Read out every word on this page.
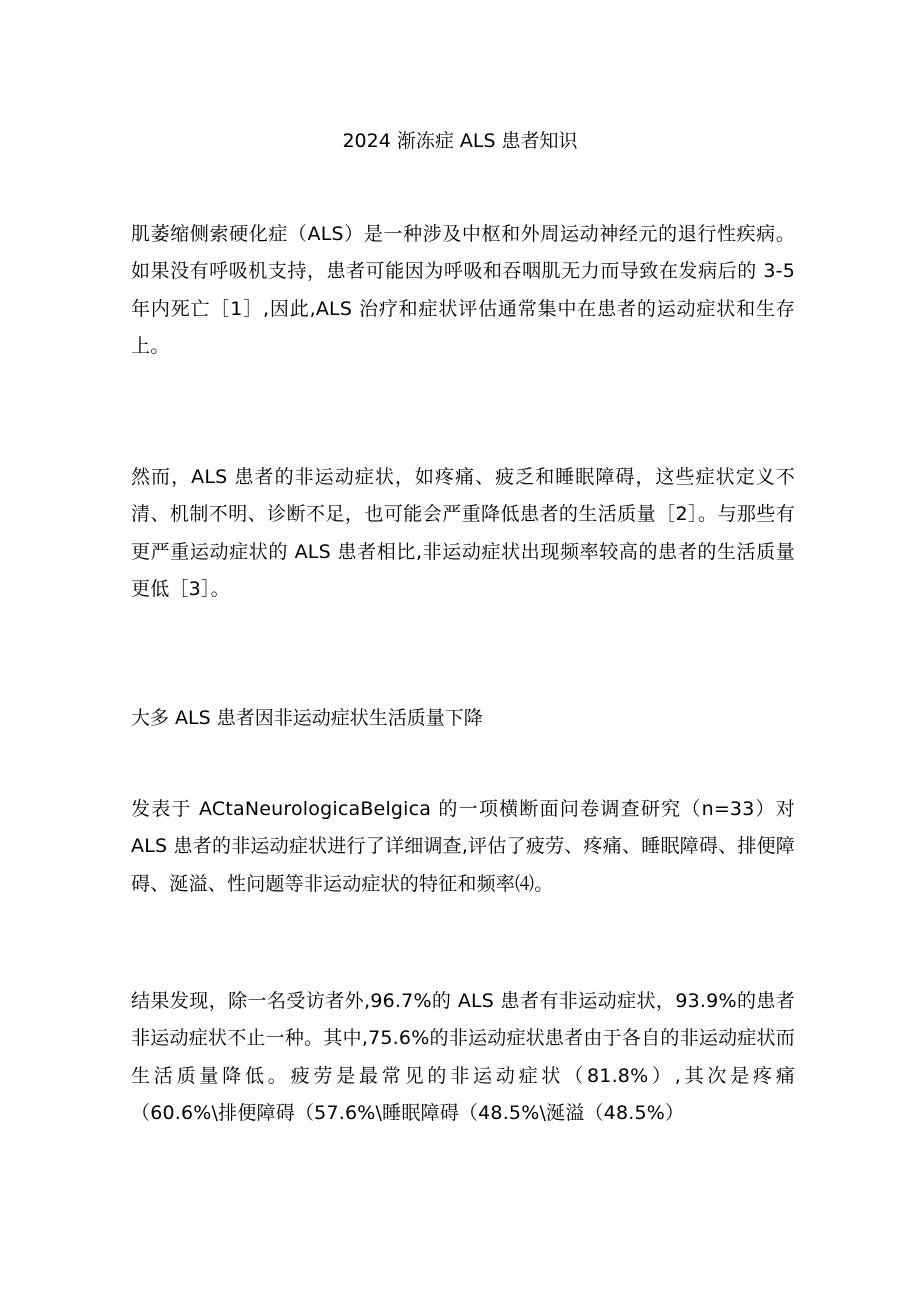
2024 渐冻症 ALS 患者知识

肌萎缩侧索硬化症（ALS）是一种涉及中枢和外周运动神经元的退行性疾病。如果没有呼吸机支持，患者可能因为呼吸和吞咽肌无力而导致在发病后的 3-5 年内死亡［1］,因此,ALS 治疗和症状评估通常集中在患者的运动症状和生存上。

然而，ALS 患者的非运动症状，如疼痛、疲乏和睡眠障碍，这些症状定义不清、机制不明、诊断不足，也可能会严重降低患者的生活质量［2］。与那些有更严重运动症状的 ALS 患者相比,非运动症状出现频率较高的患者的生活质量更低［3］。

大多 ALS 患者因非运动症状生活质量下降

发表于 ACtaNeurologicaBelgica 的一项横断面问卷调查研究（n=33）对 ALS 患者的非运动症状进行了详细调查,评估了疲劳、疼痛、睡眠障碍、排便障碍、涎溢、性问题等非运动症状的特征和频率⑷。

结果发现，除一名受访者外,96.7%的 ALS 患者有非运动症状，93.9%的患者非运动症状不止一种。其中,75.6%的非运动症状患者由于各自的非运动症状而生活质量降低。疲劳是最常见的非运动症状（81.8%）,其次是疼痛（60.6%\排便障碍（57.6%\睡眠障碍（48.5%\涎溢（48.5%）
